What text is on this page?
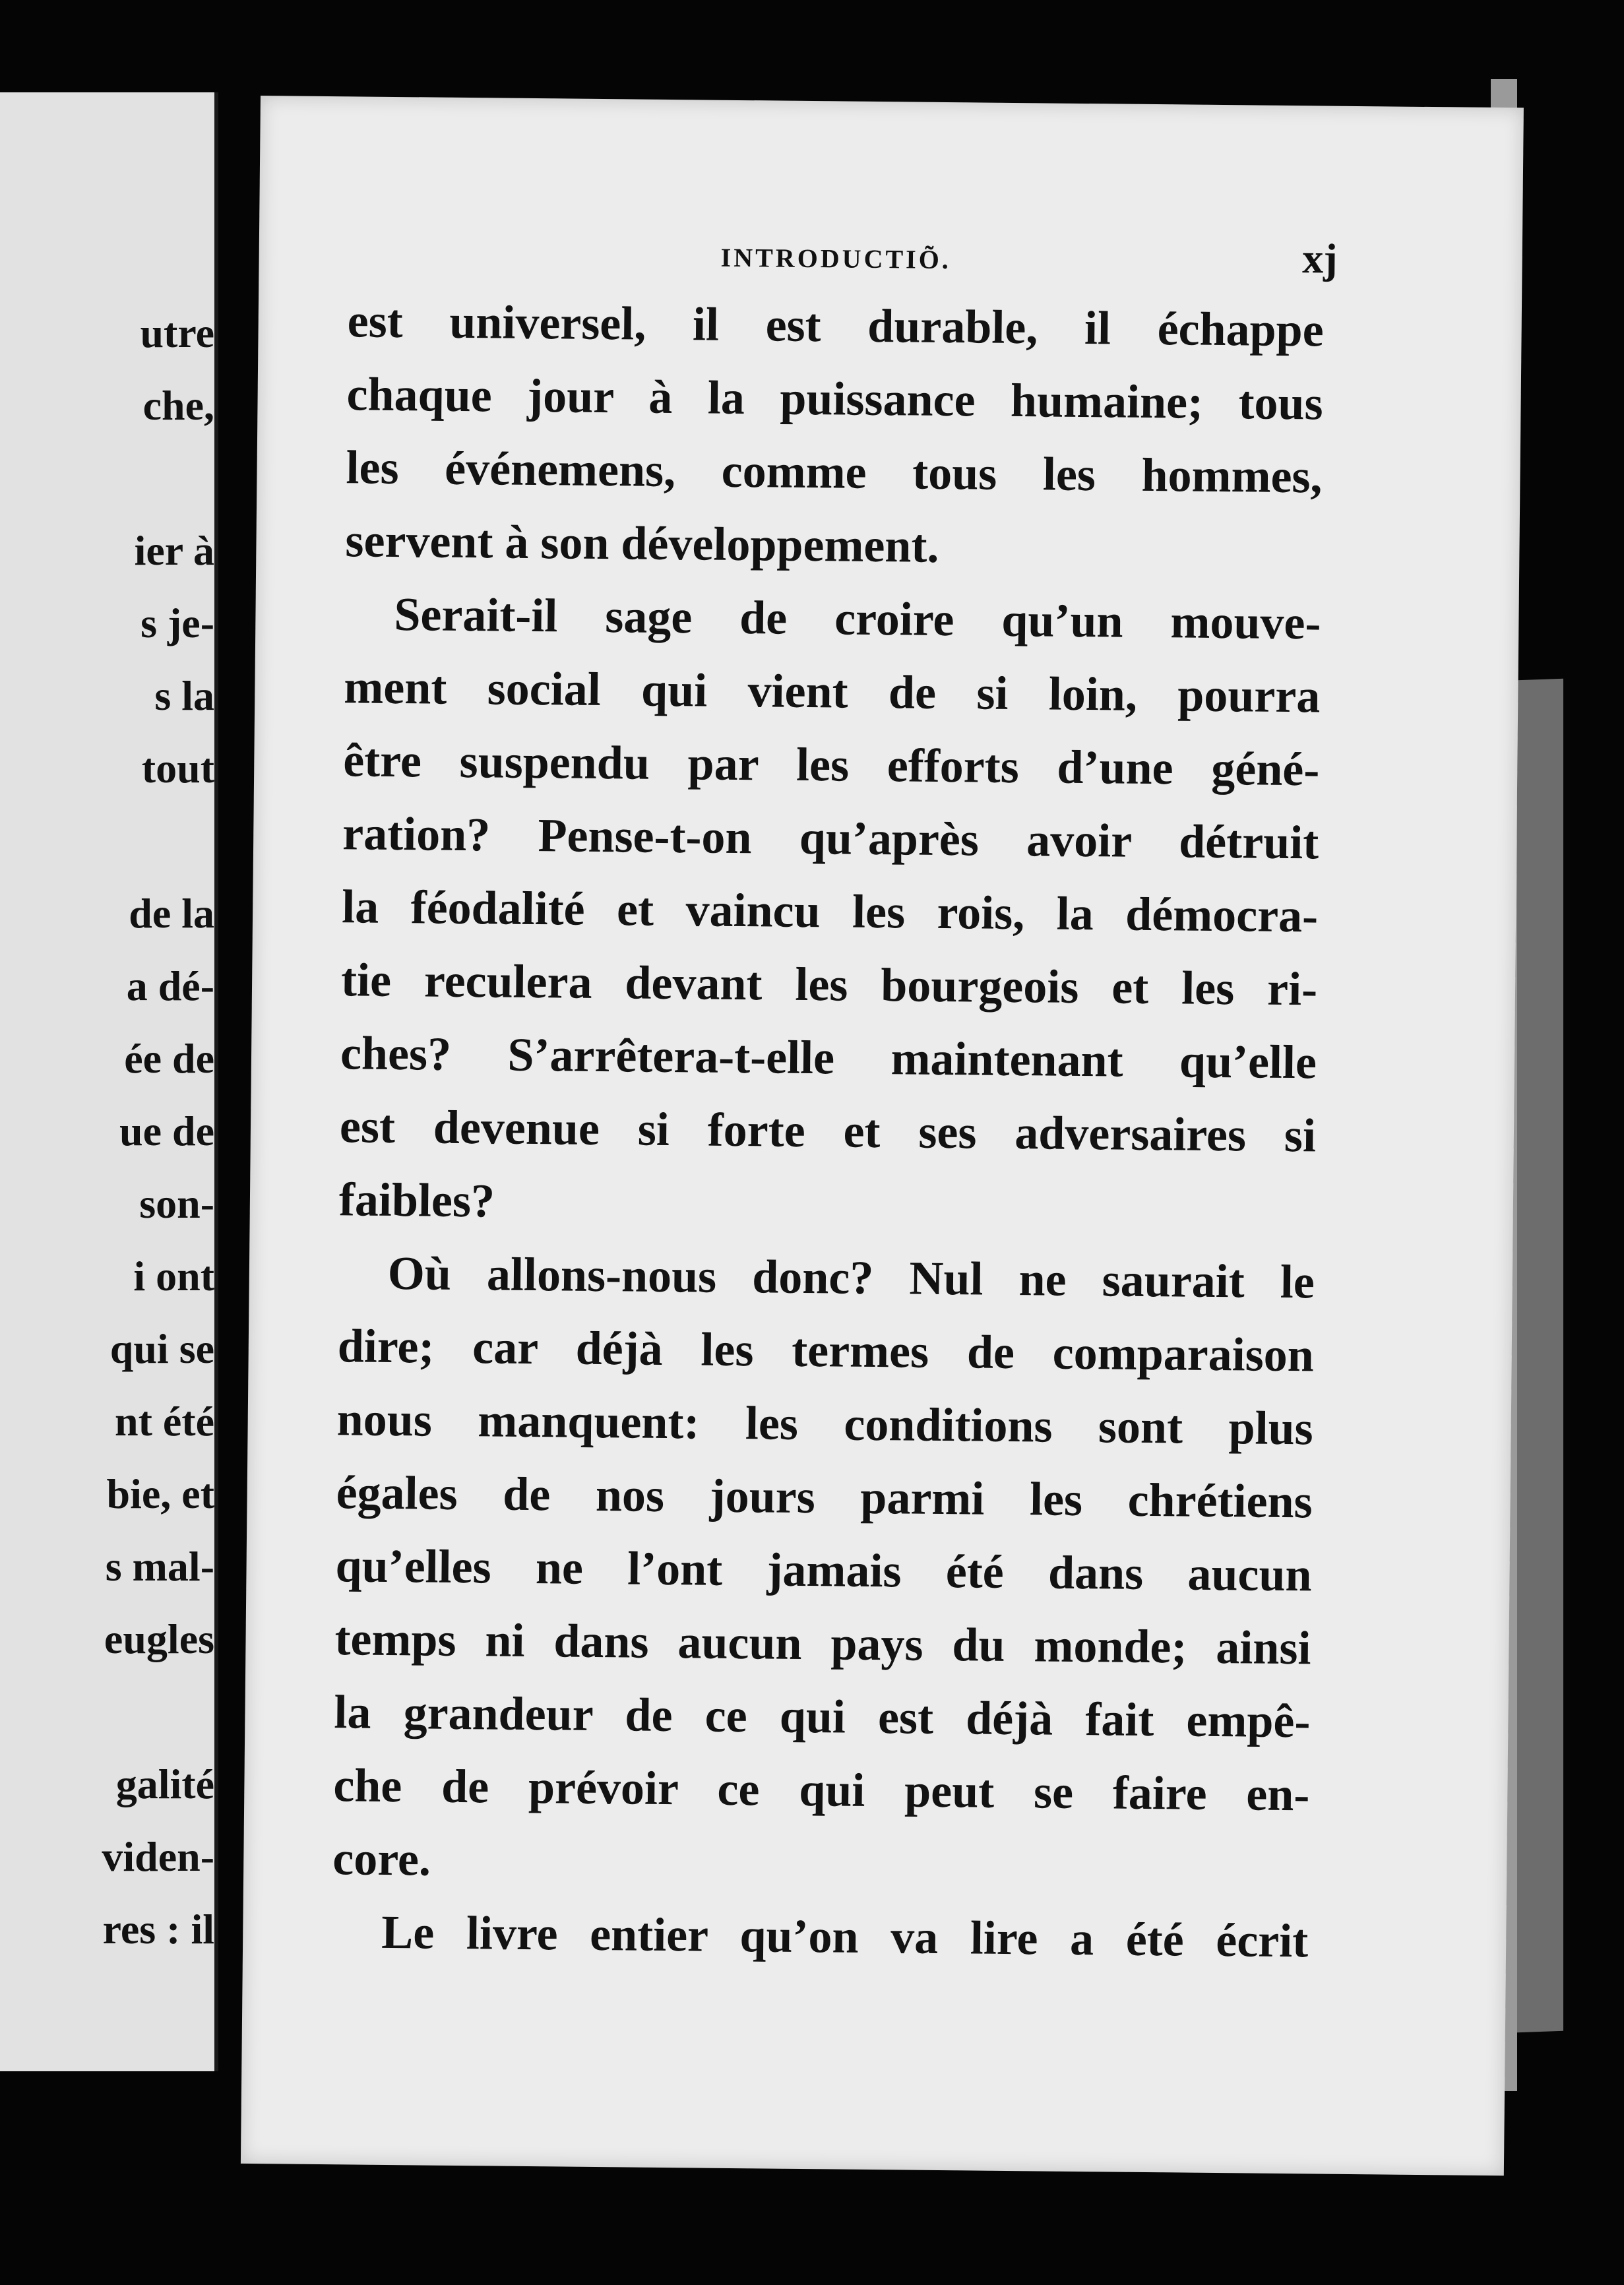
utre
che,

ier à
s je-
s la
tout

de la
a dé-
ée de
ue de
son-
i ont
qui se
nt été
bie, et
s mal-
eugles

galité
viden-
res : il
INTRODUCTIO͂.	xj
est universel, il est durable, il échappe
chaque jour à la puissance humaine; tous
les événemens, comme tous les hommes,
servent à son développement.
Serait-il sage de croire qu’un mouve-
ment social qui vient de si loin, pourra
être suspendu par les efforts d’une géné-
ration? Pense-t-on qu’après avoir détruit
la féodalité et vaincu les rois, la démocra-
tie reculera devant les bourgeois et les ri-
ches? S’arrêtera-t-elle maintenant qu’elle
est devenue si forte et ses adversaires si
faibles?
Où allons-nous donc? Nul ne saurait le
dire; car déjà les termes de comparaison
nous manquent: les conditions sont plus
égales de nos jours parmi les chrétiens
qu’elles ne l’ont jamais été dans aucun
temps ni dans aucun pays du monde; ainsi
la grandeur de ce qui est déjà fait empê-
che de prévoir ce qui peut se faire en-
core.
Le livre entier qu’on va lire a été écrit
